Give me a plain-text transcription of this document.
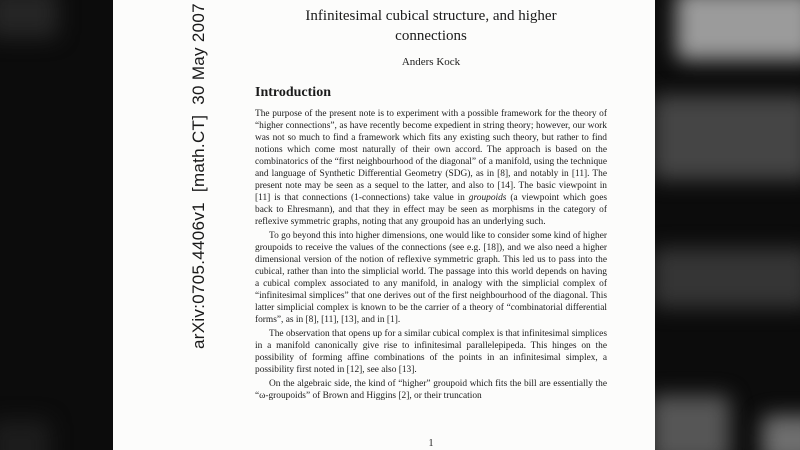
arXiv:0705.4406v1  [math.CT]  30 May 2007	Infinitesimal cubical structure, and higher
connections
Anders Kock
Introduction

The purpose of the present note is to experiment with a possible framework for the theory of “higher connections”, as have recently become expedient in string theory; however, our work was not so much to find a framework which fits any existing such theory, but rather to find notions which come most naturally of their own accord. The approach is based on the combinatorics of the “first neighbourhood of the diagonal” of a manifold, using the technique and language of Synthetic Differential Geometry (SDG), as in [8], and notably in [11]. The present note may be seen as a sequel to the latter, and also to [14]. The basic viewpoint in [11] is that connections (1-connections) take value in groupoids (a viewpoint which goes back to Ehresmann), and that they in effect may be seen as morphisms in the category of reflexive symmetric graphs, noting that any groupoid has an underlying such.

To go beyond this into higher dimensions, one would like to consider some kind of higher groupoids to receive the values of the connections (see e.g. [18]), and we also need a higher dimensional version of the notion of reflexive symmetric graph. This led us to pass into the cubical, rather than into the simplicial world. The passage into this world depends on having a cubical complex associated to any manifold, in analogy with the simplicial complex of “infinitesimal simplices” that one derives out of the first neighbourhood of the diagonal. This latter simplicial complex is known to be the carrier of a theory of “combinatorial differential forms”, as in [8], [11], [13], and in [1].

The observation that opens up for a similar cubical complex is that infinitesimal simplices in a manifold canonically give rise to infinitesimal parallelepipeda. This hinges on the possibility of forming affine combinations of the points in an infinitesimal simplex, a possibility first noted in [12], see also [13].

On the algebraic side, the kind of “higher” groupoid which fits the bill are essentially the “ω-groupoids” of Brown and Higgins [2], or their truncation

1
